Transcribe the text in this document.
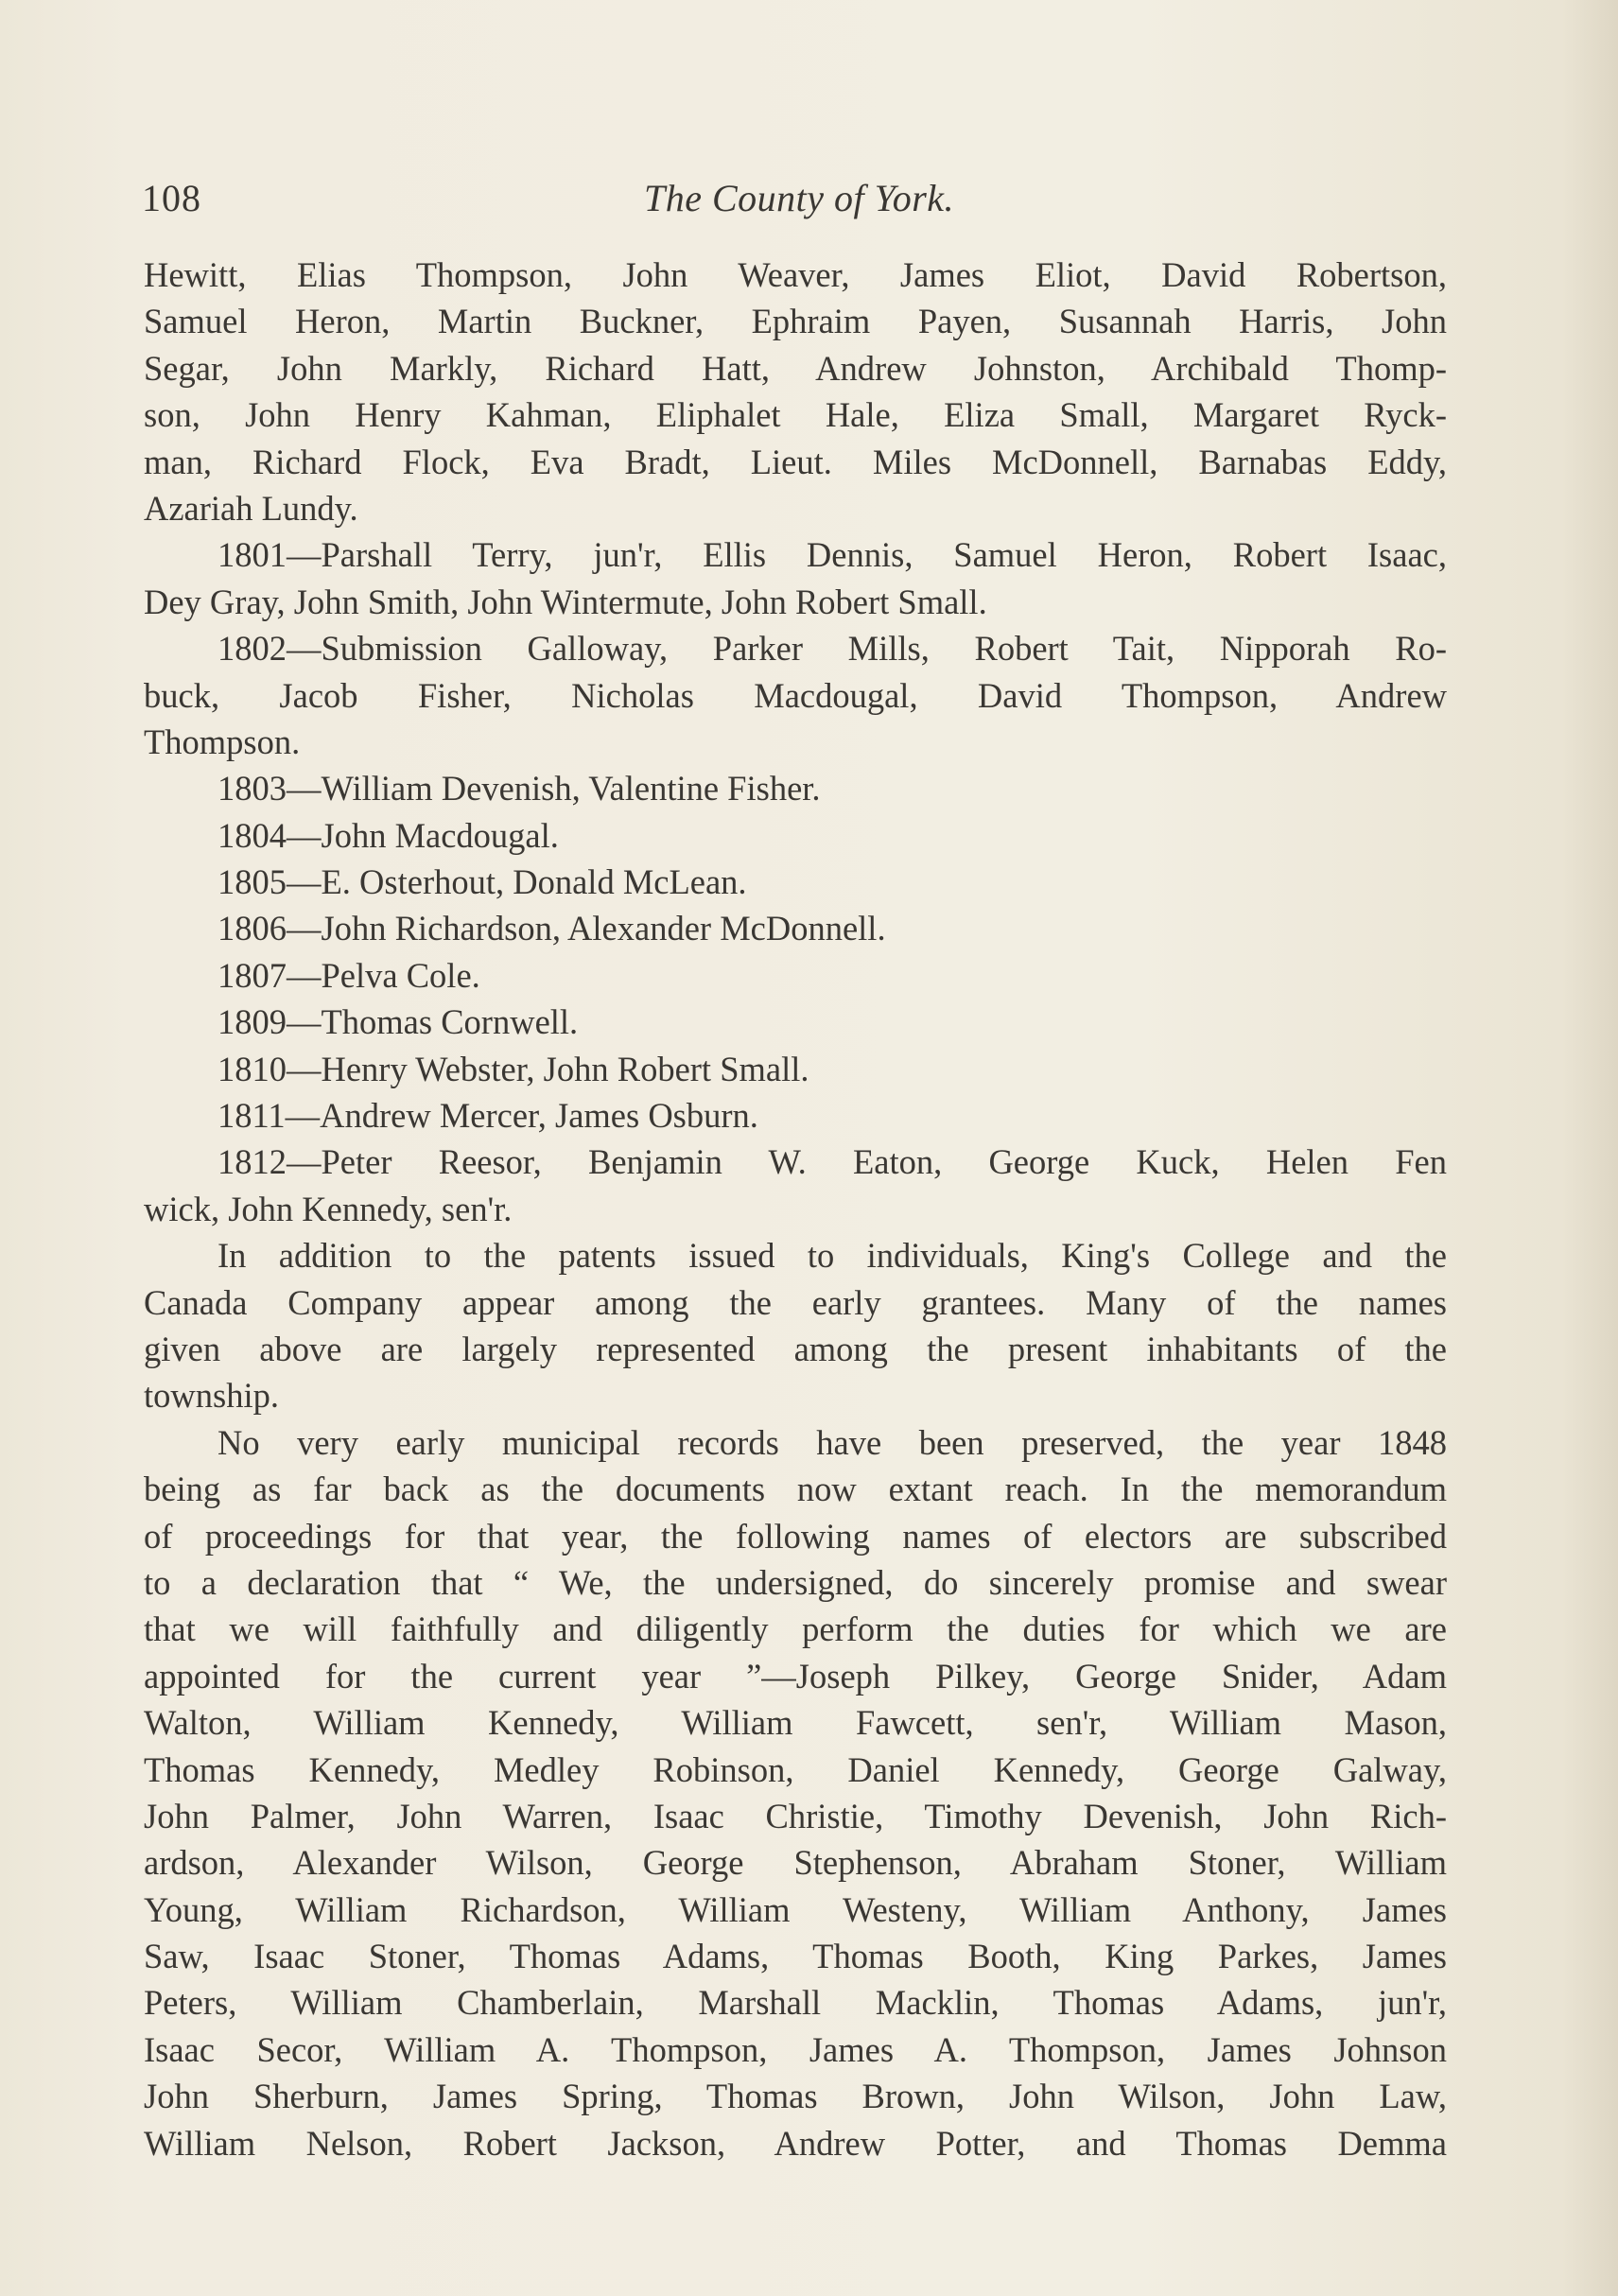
The County of York.
108
Hewitt, Elias Thompson, John Weaver, James Eliot, David Robertson,
Samuel Heron, Martin Buckner, Ephraim Payen, Susannah Harris, John
Segar, John Markly, Richard Hatt, Andrew Johnston, Archibald Thomp-
son, John Henry Kahman, Eliphalet Hale, Eliza Small, Margaret Ryck-
man, Richard Flock, Eva Bradt, Lieut. Miles McDonnell, Barnabas Eddy,
Azariah Lundy.
1801—Parshall Terry, jun'r, Ellis Dennis, Samuel Heron, Robert Isaac,
Dey Gray, John Smith, John Wintermute, John Robert Small.
1802—Submission Galloway, Parker Mills, Robert Tait, Nipporah Ro-
buck, Jacob Fisher, Nicholas Macdougal, David Thompson, Andrew
Thompson.
1803—William Devenish, Valentine Fisher.
1804—John Macdougal.
1805—E. Osterhout, Donald McLean.
1806—John Richardson, Alexander McDonnell.
1807—Pelva Cole.
1809—Thomas Cornwell.
1810—Henry Webster, John Robert Small.
1811—Andrew Mercer, James Osburn.
1812—Peter Reesor, Benjamin W. Eaton, George Kuck, Helen Fen
wick, John Kennedy, sen'r.
In addition to the patents issued to individuals, King's College and the
Canada Company appear among the early grantees. Many of the names
given above are largely represented among the present inhabitants of the
township.
No very early municipal records have been preserved, the year 1848
being as far back as the documents now extant reach. In the memorandum
of proceedings for that year, the following names of electors are subscribed
to a declaration that “ We, the undersigned, do sincerely promise and swear
that we will faithfully and diligently perform the duties for which we are
appointed for the current year ”—Joseph Pilkey, George Snider, Adam
Walton, William Kennedy, William Fawcett, sen'r, William Mason,
Thomas Kennedy, Medley Robinson, Daniel Kennedy, George Galway,
John Palmer, John Warren, Isaac Christie, Timothy Devenish, John Rich-
ardson, Alexander Wilson, George Stephenson, Abraham Stoner, William
Young, William Richardson, William Westeny, William Anthony, James
Saw, Isaac Stoner, Thomas Adams, Thomas Booth, King Parkes, James
Peters, William Chamberlain, Marshall Macklin, Thomas Adams, jun'r,
Isaac Secor, William A. Thompson, James A. Thompson, James Johnson
John Sherburn, James Spring, Thomas Brown, John Wilson, John Law,
William Nelson, Robert Jackson, Andrew Potter, and Thomas Demma
